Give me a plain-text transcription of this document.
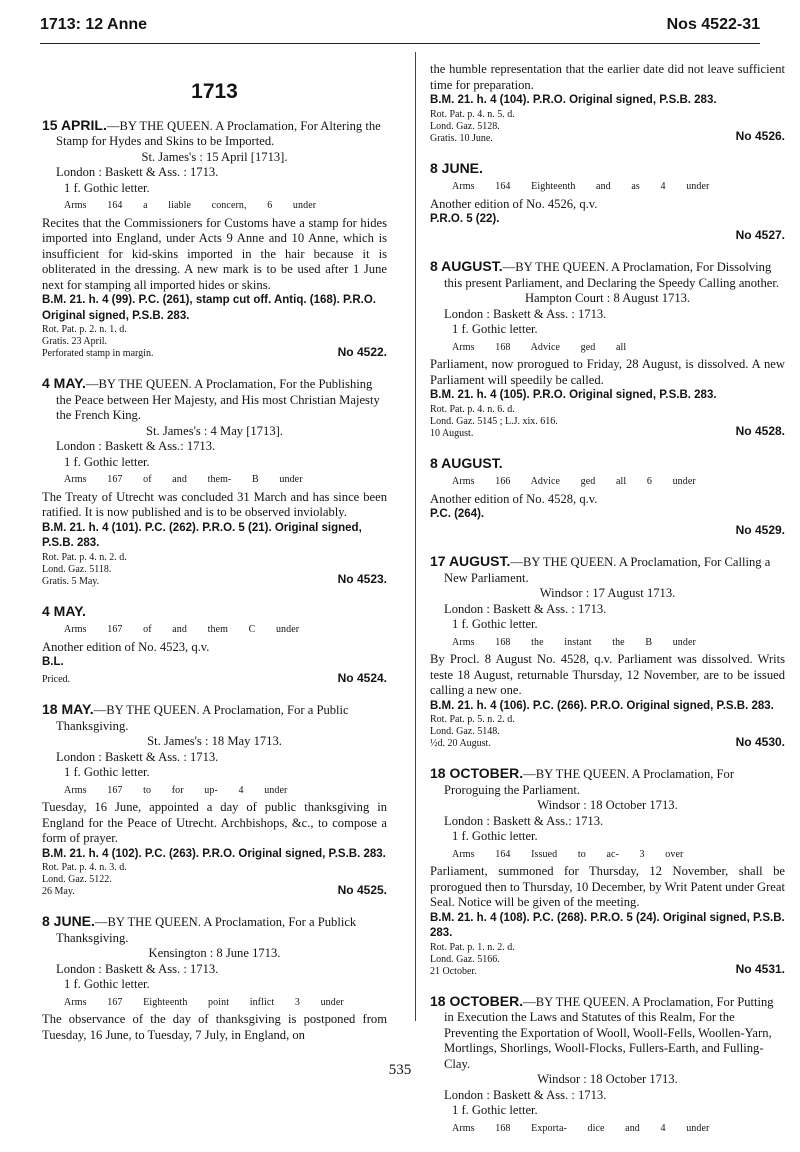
1713: 12 Anne	Nos 4522-31
1713

15 APRIL.—BY THE QUEEN. A Proclamation, For Altering the Stamp for Hydes and Skins to be Imported.

St. James's : 15 April [1713].

London : Baskett & Ass. : 1713.

1 f. Gothic letter.

Arms 164 a liable concern, 6 under

Recites that the Commissioners for Customs have a stamp for hides imported into England, under Acts 9 Anne and 10 Anne, which is insufficient for kid-skins imported in the hair because it is obliterated in the dressing. A new mark is to be used after 1 June next for stamping all imported hides or skins.

B.M. 21. h. 4 (99). P.C. (261), stamp cut off. Antiq. (168). P.R.O. Original signed, P.S.B. 283.

Rot. Pat. p. 2. n. 1. d.

Gratis. 23 April.

Perforated stamp in margin.	No 4522.

4 MAY.—BY THE QUEEN. A Proclamation, For the Publishing the Peace between Her Majesty, and His most Christian Majesty the French King.

St. James's : 4 May [1713].

London : Baskett & Ass.: 1713.

1 f. Gothic letter.

Arms 167 of and them- B under

The Treaty of Utrecht was concluded 31 March and has since been ratified. It is now published and is to be observed inviolably.

B.M. 21. h. 4 (101). P.C. (262). P.R.O. 5 (21). Original signed, P.S.B. 283.

Rot. Pat. p. 4. n. 2. d.

Lond. Gaz. 5118.

Gratis. 5 May.	No 4523.

4 MAY.

Arms 167 of and them C under

Another edition of No. 4523, q.v.

B.L.

Priced.	No 4524.

18 MAY.—BY THE QUEEN. A Proclamation, For a Public Thanksgiving.

St. James's : 18 May 1713.

London : Baskett & Ass. : 1713.

1 f. Gothic letter.

Arms 167 to for up- 4 under

Tuesday, 16 June, appointed a day of public thanksgiving in England for the Peace of Utrecht. Archbishops, &c., to compose a form of prayer.

B.M. 21. h. 4 (102). P.C. (263). P.R.O. Original signed, P.S.B. 283.

Rot. Pat. p. 4. n. 3. d.

Lond. Gaz. 5122.

26 May.	No 4525.

8 JUNE.—BY THE QUEEN. A Proclamation, For a Publick Thanksgiving.

Kensington : 8 June 1713.

London : Baskett & Ass. : 1713.

1 f. Gothic letter.

Arms 167 Eighteenth point inflict 3 under

The observance of the day of thanksgiving is postponed from Tuesday, 16 June, to Tuesday, 7 July, in England, on

the humble representation that the earlier date did not leave sufficient time for preparation.

B.M. 21. h. 4 (104). P.R.O. Original signed, P.S.B. 283.

Rot. Pat. p. 4. n. 5. d.

Lond. Gaz. 5128.

Gratis. 10 June.	No 4526.

8 JUNE.

Arms 164 Eighteenth and as 4 under

Another edition of No. 4526, q.v.

P.R.O. 5 (22).

No 4527.

8 AUGUST.—BY THE QUEEN. A Proclamation, For Dissolving this present Parliament, and Declaring the Speedy Calling another.

Hampton Court : 8 August 1713.

London : Baskett & Ass. : 1713.

1 f. Gothic letter.

Arms 168 Advice ged all

Parliament, now prorogued to Friday, 28 August, is dissolved. A new Parliament will speedily be called.

B.M. 21. h. 4 (105). P.R.O. Original signed, P.S.B. 283.

Rot. Pat. p. 4. n. 6. d.

Lond. Gaz. 5145 ; L.J. xix. 616.

10 August.	No 4528.

8 AUGUST.

Arms 166 Advice ged all 6 under

Another edition of No. 4528, q.v.

P.C. (264).

No 4529.

17 AUGUST.—BY THE QUEEN. A Proclamation, For Calling a New Parliament.

Windsor : 17 August 1713.

London : Baskett & Ass. : 1713.

1 f. Gothic letter.

Arms 168 the instant the B under

By Procl. 8 August No. 4528, q.v. Parliament was dissolved. Writs teste 18 August, returnable Thursday, 12 November, are to be issued calling a new one.

B.M. 21. h. 4 (106). P.C. (266). P.R.O. Original signed, P.S.B. 283.

Rot. Pat. p. 5. n. 2. d.

Lond. Gaz. 5148.

½d. 20 August.	No 4530.

18 OCTOBER.—BY THE QUEEN. A Proclamation, For Proroguing the Parliament.

Windsor : 18 October 1713.

London : Baskett & Ass.: 1713.

1 f. Gothic letter.

Arms 164 Issued to ac- 3 over

Parliament, summoned for Thursday, 12 November, shall be prorogued then to Thursday, 10 December, by Writ Patent under Great Seal. Notice will be given of the meeting.

B.M. 21. h. 4 (108). P.C. (268). P.R.O. 5 (24). Original signed, P.S.B. 283.

Rot. Pat. p. 1. n. 2. d.

Lond. Gaz. 5166.

21 October.	No 4531.

18 OCTOBER.—BY THE QUEEN. A Proclamation, For Putting in Execution the Laws and Statutes of this Realm, For the Preventing the Exportation of Wooll, Wooll-Fells, Woollen-Yarn, Mortlings, Shorlings, Wooll-Flocks, Fullers-Earth, and Fulling-Clay.

Windsor : 18 October 1713.

London : Baskett & Ass. : 1713.

1 f. Gothic letter.

Arms 168 Exporta- dice and 4 under

535
